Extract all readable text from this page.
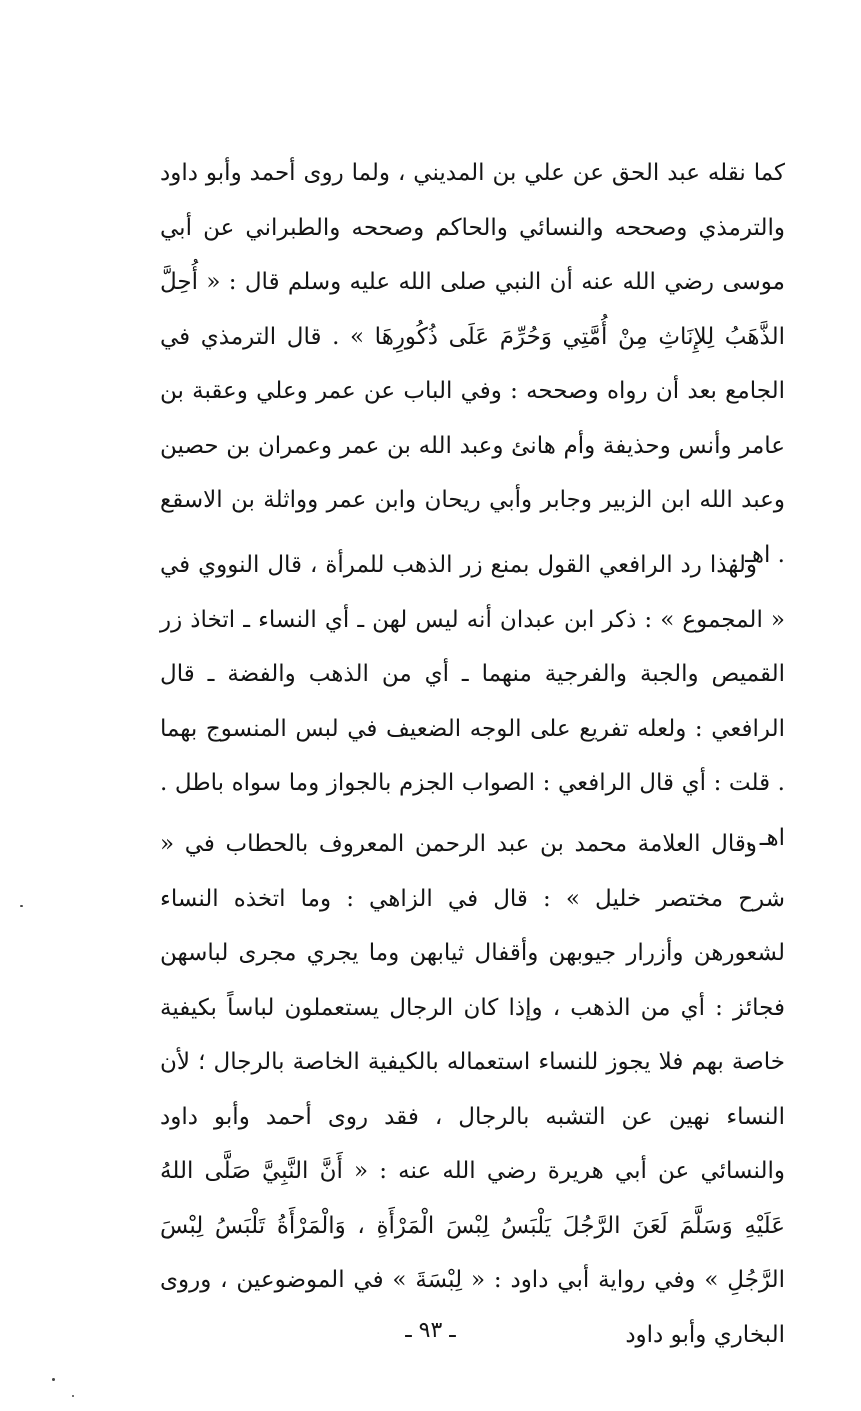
كما نقله عبد الحق عن علي بن المديني ، ولما روى أحمد وأبو داود والترمذي وصححه والنسائي والحاكم وصححه والطبراني عن أبي موسى رضي الله عنه أن النبي صلى الله عليه وسلم قال : « أُحِلَّ الذَّهَبُ لِلإِنَاثِ مِنْ أُمَّتِي وَحُرِّمَ عَلَى ذُكُورِهَا » . قال الترمذي في الجامع بعد أن رواه وصححه : وفي الباب عن عمر وعلي وعقبة بن عامر وأنس وحذيفة وأم هانئ وعبد الله بن عمر وعمران بن حصين وعبد الله ابن الزبير وجابر وأبي ريحان وابن عمر وواثلة بن الاسقع . اهـ .

ولهذا رد الرافعي القول بمنع زر الذهب للمرأة ، قال النووي في « المجموع » : ذكر ابن عبدان أنه ليس لهن ـ أي النساء ـ اتخاذ زر القميص والجبة والفرجية منهما ـ أي من الذهب والفضة ـ قال الرافعي : ولعله تفريع على الوجه الضعيف في لبس المنسوج بهما . قلت : أي قال الرافعي : الصواب الجزم بالجواز وما سواه باطل . اهـ .

وقال العلامة محمد بن عبد الرحمن المعروف بالحطاب في « شرح مختصر خليل » : قال في الزاهي : وما اتخذه النساء لشعورهن وأزرار جيوبهن وأقفال ثيابهن وما يجري مجرى لباسهن فجائز : أي من الذهب ، وإذا كان الرجال يستعملون لباساً بكيفية خاصة بهم فلا يجوز للنساء استعماله بالكيفية الخاصة بالرجال ؛ لأن النساء نهين عن التشبه بالرجال ، فقد روى أحمد وأبو داود والنسائي عن أبي هريرة رضي الله عنه : « أَنَّ النَّبِيَّ صَلَّى اللهُ عَلَيْهِ وَسَلَّمَ لَعَنَ الرَّجُلَ يَلْبَسُ لِبْسَ الْمَرْأَةِ ، وَالْمَرْأَةُ تَلْبَسُ لِبْسَ الرَّجُلِ » وفي رواية أبي داود : « لِبْسَةَ » في الموضوعين ، وروى البخاري وأبو داود

ـ ٩٣ ـ
